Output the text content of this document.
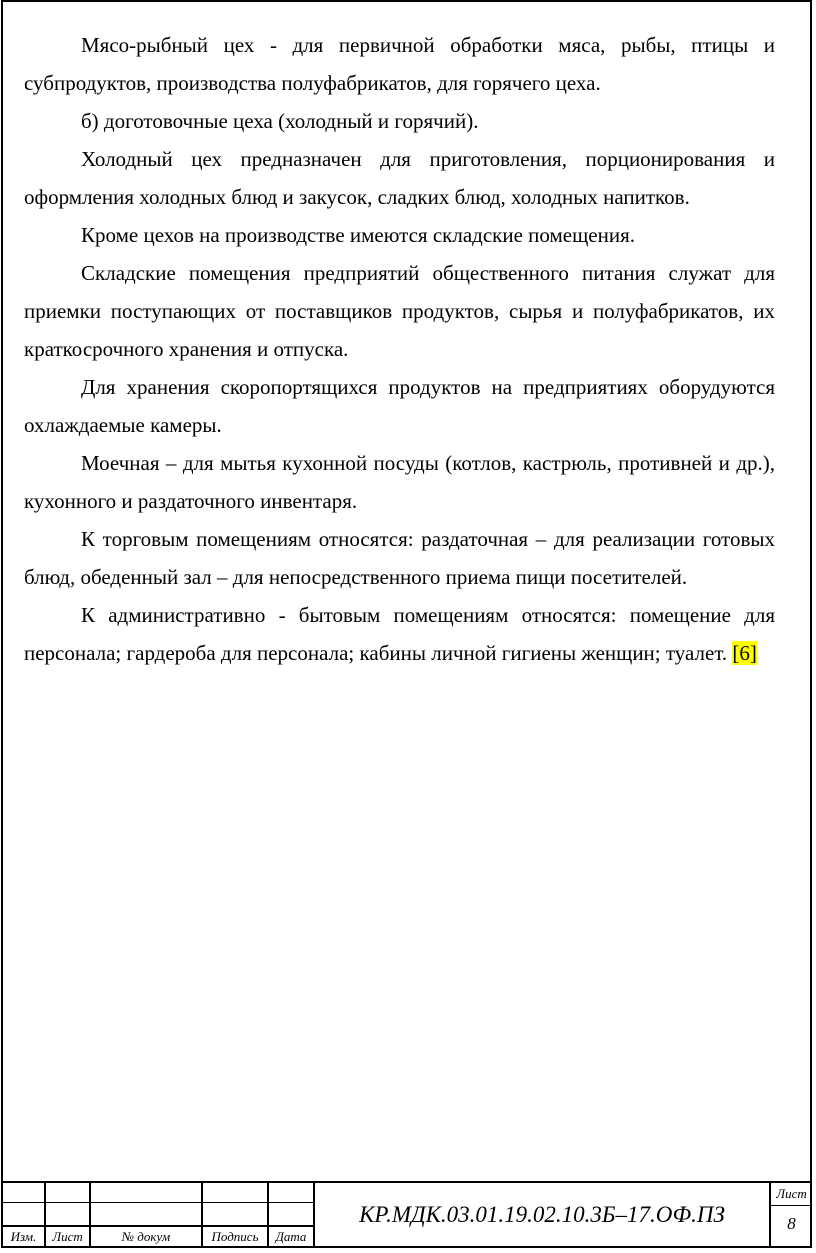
Мясо-рыбный цех - для первичной обработки мяса, рыбы, птицы и субпродуктов, производства полуфабрикатов, для горячего цеха.

б) доготовочные цеха (холодный и горячий).

Холодный цех предназначен для приготовления, порционирования и оформления холодных блюд и закусок, сладких блюд, холодных напитков.

Кроме цехов на производстве имеются складские помещения.

Складские помещения предприятий общественного питания служат для приемки поступающих от поставщиков продуктов, сырья и полуфабрикатов, их краткосрочного хранения и отпуска.

Для хранения скоропортящихся продуктов на предприятиях оборудуются охлаждаемые камеры.

Моечная – для мытья кухонной посуды (котлов, кастрюль, противней и др.), кухонного и раздаточного инвентаря.

К торговым помещениям относятся: раздаточная – для реализации готовых блюд, обеденный зал – для непосредственного приема пищи посетителей.

К административно - бытовым помещениям относятся: помещение для персонала; гардероба для персонала; кабины личной гигиены женщин; туалет. [6]

Изм.	Лист	№ докум	Подпись	Дата
КР.МДК.03.01.19.02.10.3Б–17.ОФ.ПЗ
Лист
8
